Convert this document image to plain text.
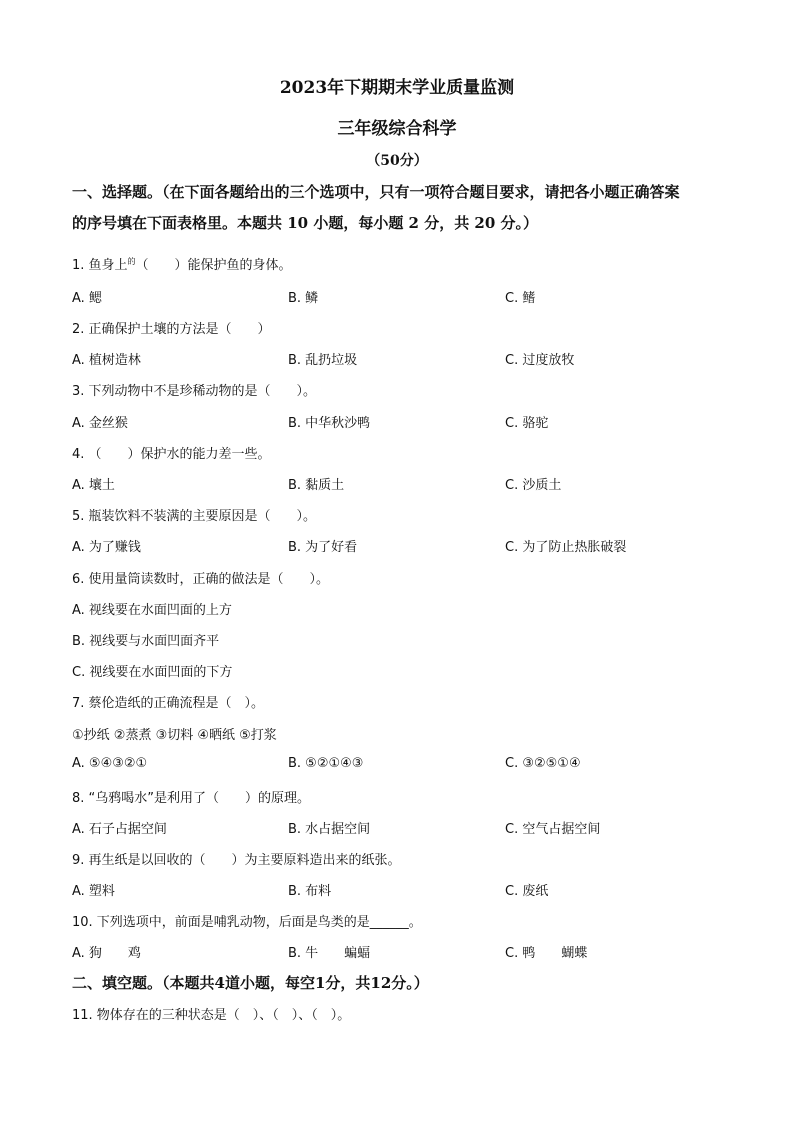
2023年下期期末学业质量监测
三年级综合科学
（50分）
一、选择题。（在下面各题给出的三个选项中，只有一项符合题目要求，请把各小题正确答案
的序号填在下面表格里。本题共 10 小题，每小题 2 分，共 20 分。）
1. 鱼身上$^的$（　　）能保护鱼的身体。
A. 鳃	B. 鳞	C. 鳍
2. 正确保护土壤的方法是（　　）
A. 植树造林	B. 乱扔垃圾	C. 过度放牧
3. 下列动物中不是珍稀动物的是（　　）。
A. 金丝猴	B. 中华秋沙鸭	C. 骆驼
4. （　　）保护水的能力差一些。
A. 壤土	B. 黏质土	C. 沙质土
5. 瓶装饮料不装满的主要原因是（　　）。
A. 为了赚钱	B. 为了好看	C. 为了防止热胀破裂
6. 使用量筒读数时，正确的做法是（　　）。
A. 视线要在水面凹面的上方
B. 视线要与水面凹面齐平
C. 视线要在水面凹面的下方
7. 蔡伦造纸的正确流程是（　）。
①抄纸 ②蒸煮 ③切料 ④晒纸 ⑤打浆
A. ⑤④③②①	B. ⑤②①④③	C. ③②⑤①④
8. “乌鸦喝水”是利用了（　　）的原理。
A. 石子占据空间	B. 水占据空间	C. 空气占据空间
9. 再生纸是以回收的（　　）为主要原料造出来的纸张。
A. 塑料	B. 布料	C. 废纸
10. 下列选项中，前面是哺乳动物，后面是鸟类的是______。
A. 狗　　鸡	B. 牛　　蝙蝠	C. 鸭　　蝴蝶
二、填空题。（本题共4道小题，每空1分，共12分。）
11. 物体存在的三种状态是（　）、（　）、（　）。
